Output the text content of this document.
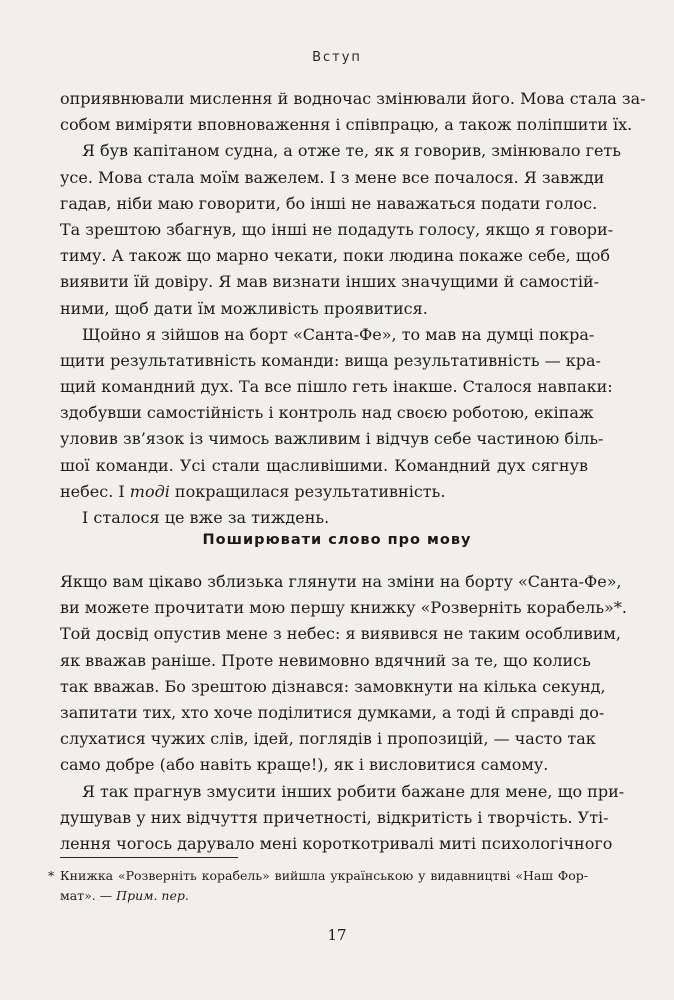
Вступ
оприявнювали мислення й водночас змінювали його. Мова стала за-
собом виміряти вповноваження і співпрацю, а також поліпшити їх.
Я був капітаном судна, а отже те, як я говорив, змінювало геть
усе. Мова стала моїм важелем. І з мене все почалося. Я завжди
гадав, ніби маю говорити, бо інші не наважаться подати голос.
Та зрештою збагнув, що інші не подадуть голосу, якщо я говори-
тиму. А також що марно чекати, поки людина покаже себе, щоб
виявити їй довіру. Я мав визнати інших значущими й самостій-
ними, щоб дати їм можливість проявитися.
Щойно я зійшов на борт «Санта-Фе», то мав на думці покра-
щити результативність команди: вища результативність — кра-
щий командний дух. Та все пішло геть інакше. Сталося навпаки:
здобувши самостійність і контроль над своєю роботою, екіпаж
уловив зв’язок із чимось важливим і відчув себе частиною біль-
шої команди. Усі стали щасливішими. Командний дух сягнув
небес. І тоді покращилася результативність.
І сталося це вже за тиждень.
Поширювати слово про мову
Якщо вам цікаво зблизька глянути на зміни на борту «Санта-Фе»,
ви можете прочитати мою першу книжку «Розверніть корабель»*.
Той досвід опустив мене з небес: я виявився не таким особливим,
як вважав раніше. Проте невимовно вдячний за те, що колись
так вважав. Бо зрештою дізнався: замовкнути на кілька секунд,
запитати тих, хто хоче поділитися думками, а тоді й справді до-
слухатися чужих слів, ідей, поглядів і пропозицій, — часто так
само добре (або навіть краще!), як і висловитися самому.
Я так прагнув змусити інших робити бажане для мене, що при-
душував у них відчуття причетності, відкритість і творчість. Уті-
лення чогось дарувало мені короткотривалі миті психологічного
* Книжка «Розверніть корабель» вийшла українською у видавництві «Наш Фор-
мат». — Прим. пер.
17
